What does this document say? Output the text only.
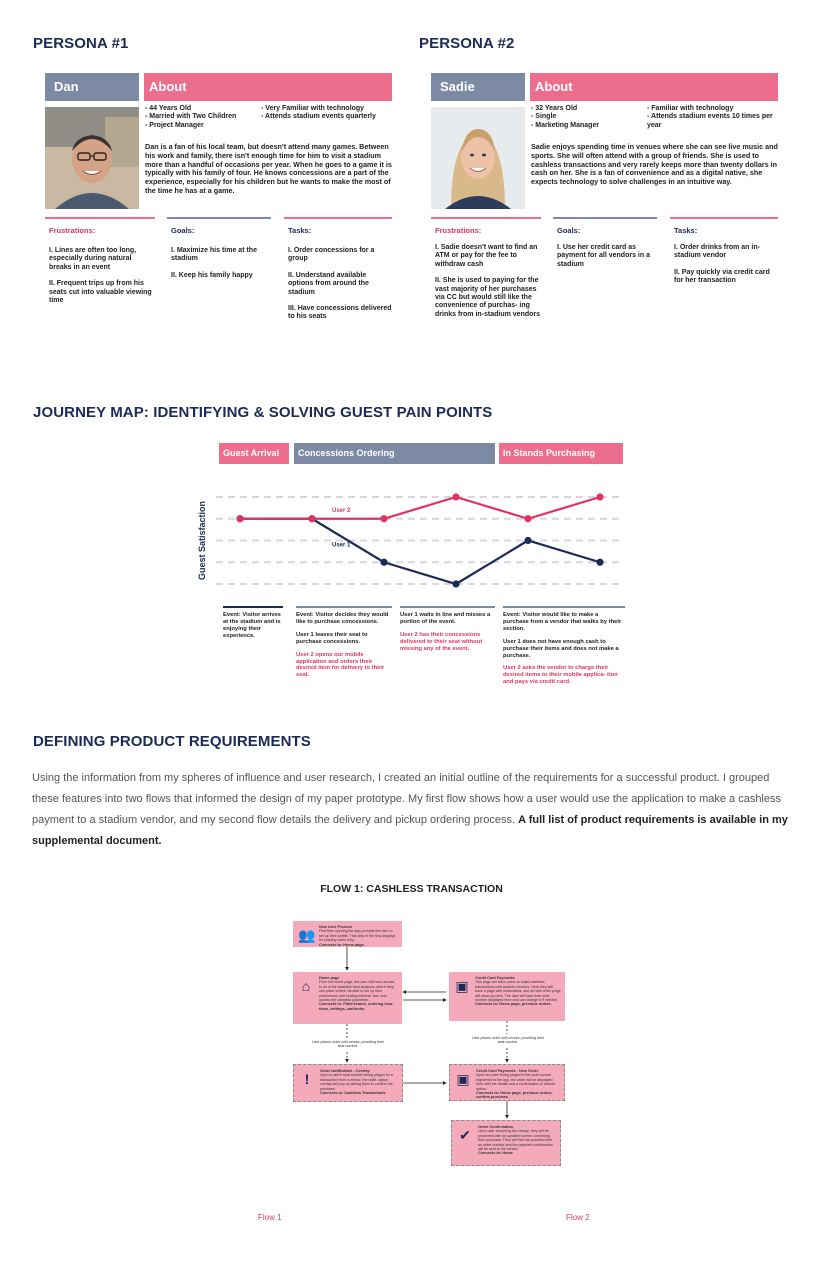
PERSONA #1
Dan	About
- 44 Years Old
- Married with Two Children
- Project Manager
- Very Familiar with technology
- Attends stadium events quarterly
Dan is a fan of his local team, but doesn't attend many games. Between his work and family, there isn't enough time for him to visit a stadium more than a handful of occasions per year. When he goes to a game it is typically with his family of four. He knows concessions are a part of the experience, especially for his children but he wants to make the most of the time he has at a game.
Frustrations:
I. Lines are often too long, especially during natural breaks in an event
II. Frequent trips up from his seats cut into valuable viewing time
Goals:
I. Maximize his time at the stadium
II. Keep his family happy
Tasks:
I. Order concessions for a group
II. Understand available options from around the stadium
III. Have concessions delivered to his seats
PERSONA #2
Sadie	About
- 32 Years Old
- Single
- Marketing Manager
- Familiar with technology
- Attends stadium events 10 times per year
Sadie enjoys spending time in venues where she can see live music and sports. She will often attend with a group of friends. She is used to cashless transactions and very rarely keeps more than twenty dollars in cash on her. She is a fan of convenience and as a digital native, she expects technology to solve challenges in an intuitive way.
Frustrations:
I. Sadie doesn't want to find an ATM or pay for the fee to withdraw cash
II. She is used to paying for the vast majority of her purchases via CC but would still like the convenience of purchas- ing drinks from in-stadium vendors
Goals:
I. Use her credit card as payment for all vendors in a stadium
Tasks:
I. Order drinks from an in-stadium vendor
II. Pay quickly via credit card for her transaction
JOURNEY MAP: IDENTIFYING & SOLVING GUEST PAIN POINTS
Guest Arrival	Concessions Ordering	In Stands Purchasing
Guest Satisfaction	User 2
User 1

Event: Visitor arrives at the stadium and is enjoying their experience.

Event: Visitor decides they would like to purchase concessions.

User 1 leaves their seat to purchase concessions.

User 2 opens our mobile application and orders their desired item for delivery to their seat.

User 1 waits in line and misses a portion of the event.

User 2 has their concessions delivered to their seat without missing any of the event.

Event: Visitor would like to make a purchase from a vendor that walks by their section.

User 1 does not have enough cash to purchase their items and does not make a purchase.

User 2 asks the vendor to charge their desired items to their mobile applica- tion and pays via credit card.

DEFINING PRODUCT REQUIREMENTS
Using the information from my spheres of influence and user research, I created an initial outline of the requirements for a successful product. I grouped these features into two flows that informed the design of my paper prototype. My first flow shows how a user would use the application to make a cashless payment to a stadium vendor, and my second flow details the delivery and pickup ordering process. A full list of product requirements is available in my supplemental document.
FLOW 1: CASHLESS TRANSACTION
👥 New User Process
First time opening the app prompts the user to set up their profile. This step in the flow displays for existing users only.
Connects to: Home page.
⌂	Home page
From the home page, the user will have access to all of the available food locations where they can place orders, be able to set up their preferences and seating informa- tion, and access the cashless payments.
Connects to: Filter/search, ordering loca- tions, settings, cart/order.
▣	Credit Card Payments
This page will allow users to make cashless transactions with stadium vendors. Here they will have a page with instructions, and all new order pings will show up here. The user will have their seat number displayed here and can change it if needed.
Connects to: Home page, previous orders.
User places order with vendor, providing their seat number.
User places order with vendor, providing their seat number.
!	Order Notification - Overlay
Upon a user's seat number being pinged for a transaction from a vendor, the notifi- cation overlay will pop up asking them to confirm the purchase.
Connects to: Cashless Transactions
▣	Credit Card Payments - New Order
Upon an order being pinged to the seat number registered to the app, the order will be displayed here with the details and a confirmation or decline option.
Connects to: Home page, previous orders, confirm purchase.
✔	Order Confirmation
Upon user accepting the charge, they will be presented with an updated screen confirming their purchase. They will then be provided with an order number and the payment confirmation will be sent to the vendor.
Connects to: Home
Flow 1	Flow 2
